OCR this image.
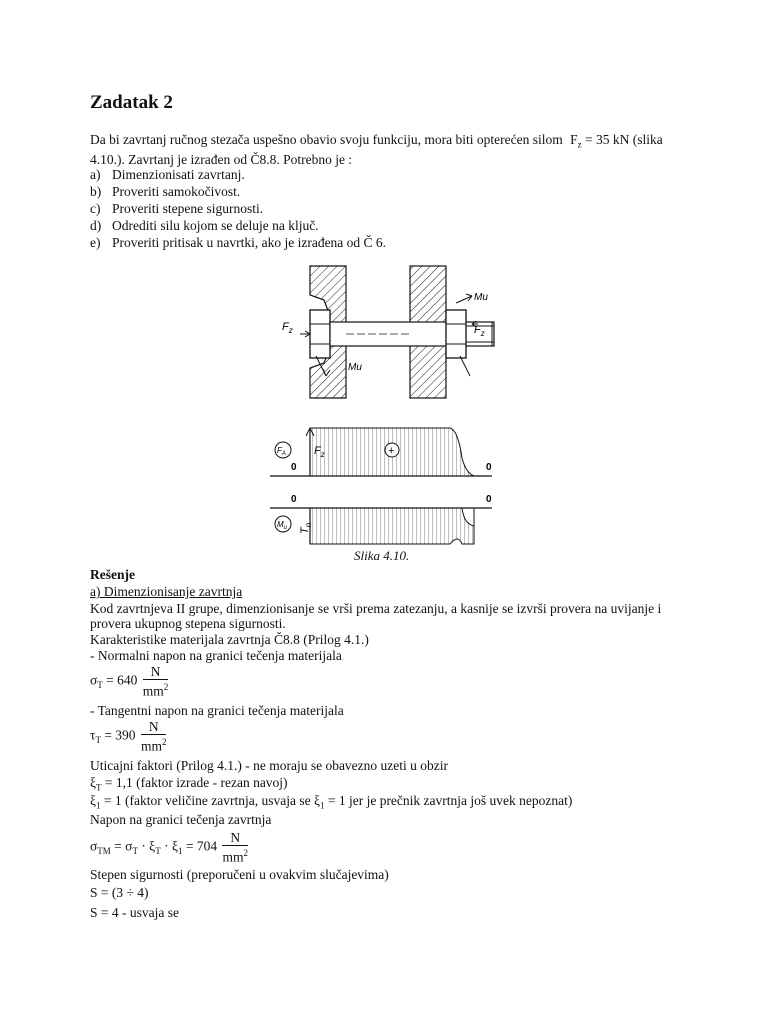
Zadatak 2
Da bi zavrtanj ručnog stezača uspešno obavio svoju funkciju, mora biti opterećen silom $F_z = 35$ kN (slika
4.10.). Zavrtanj je izrađen od Č8.8. Potrebno je :
a) Dimenzionisati zavrtanj.
b) Proveriti samokočivost.
c) Proveriti stepene sigurnosti.
d) Odrediti silu kojom se deluje na ključ.
e) Proveriti pritisak u navrtki, ako je izrađena od Č 6.
$F_z$	$F_z$
Mu
Mu
$F_A$	$F_z$	+
0	0
0	0
$M_u$ $T_n$
Slika 4.10.
Rešenje
a) Dimenzionisanje zavrtnja
Kod zavrtnjeva II grupe, dimenzionisanje se vrši prema zatezanju, a kasnije se izvrši provera na uvijanje i
provera ukupnog stepena sigurnosti.
Karakteristike materijala zavrtnja Č8.8 (Prilog 4.1.)
- Normalni napon na granici tečenja materijala
$\sigma_T = 640 \frac{N}{mm^2}$
- Tangentni napon na granici tečenja materijala
$\tau_T = 390 \frac{N}{mm^2}$
Uticajni faktori (Prilog 4.1.) - ne moraju se obavezno uzeti u obzir
$\xi_T = 1,1$ (faktor izrade - rezan navoj)
$\xi_1 = 1$ (faktor veličine zavrtnja, usvaja se $\xi_1 = 1$ jer je prečnik zavrtnja još uvek nepoznat)
Napon na granici tečenja zavrtnja
$\sigma_{TM} = \sigma_T \cdot \xi_T \cdot \xi_1 = 704 \frac{N}{mm^2}$
Stepen sigurnosti (preporučeni u ovakvim slučajevima)
S = (3 ÷ 4)
S = 4 - usvaja se
